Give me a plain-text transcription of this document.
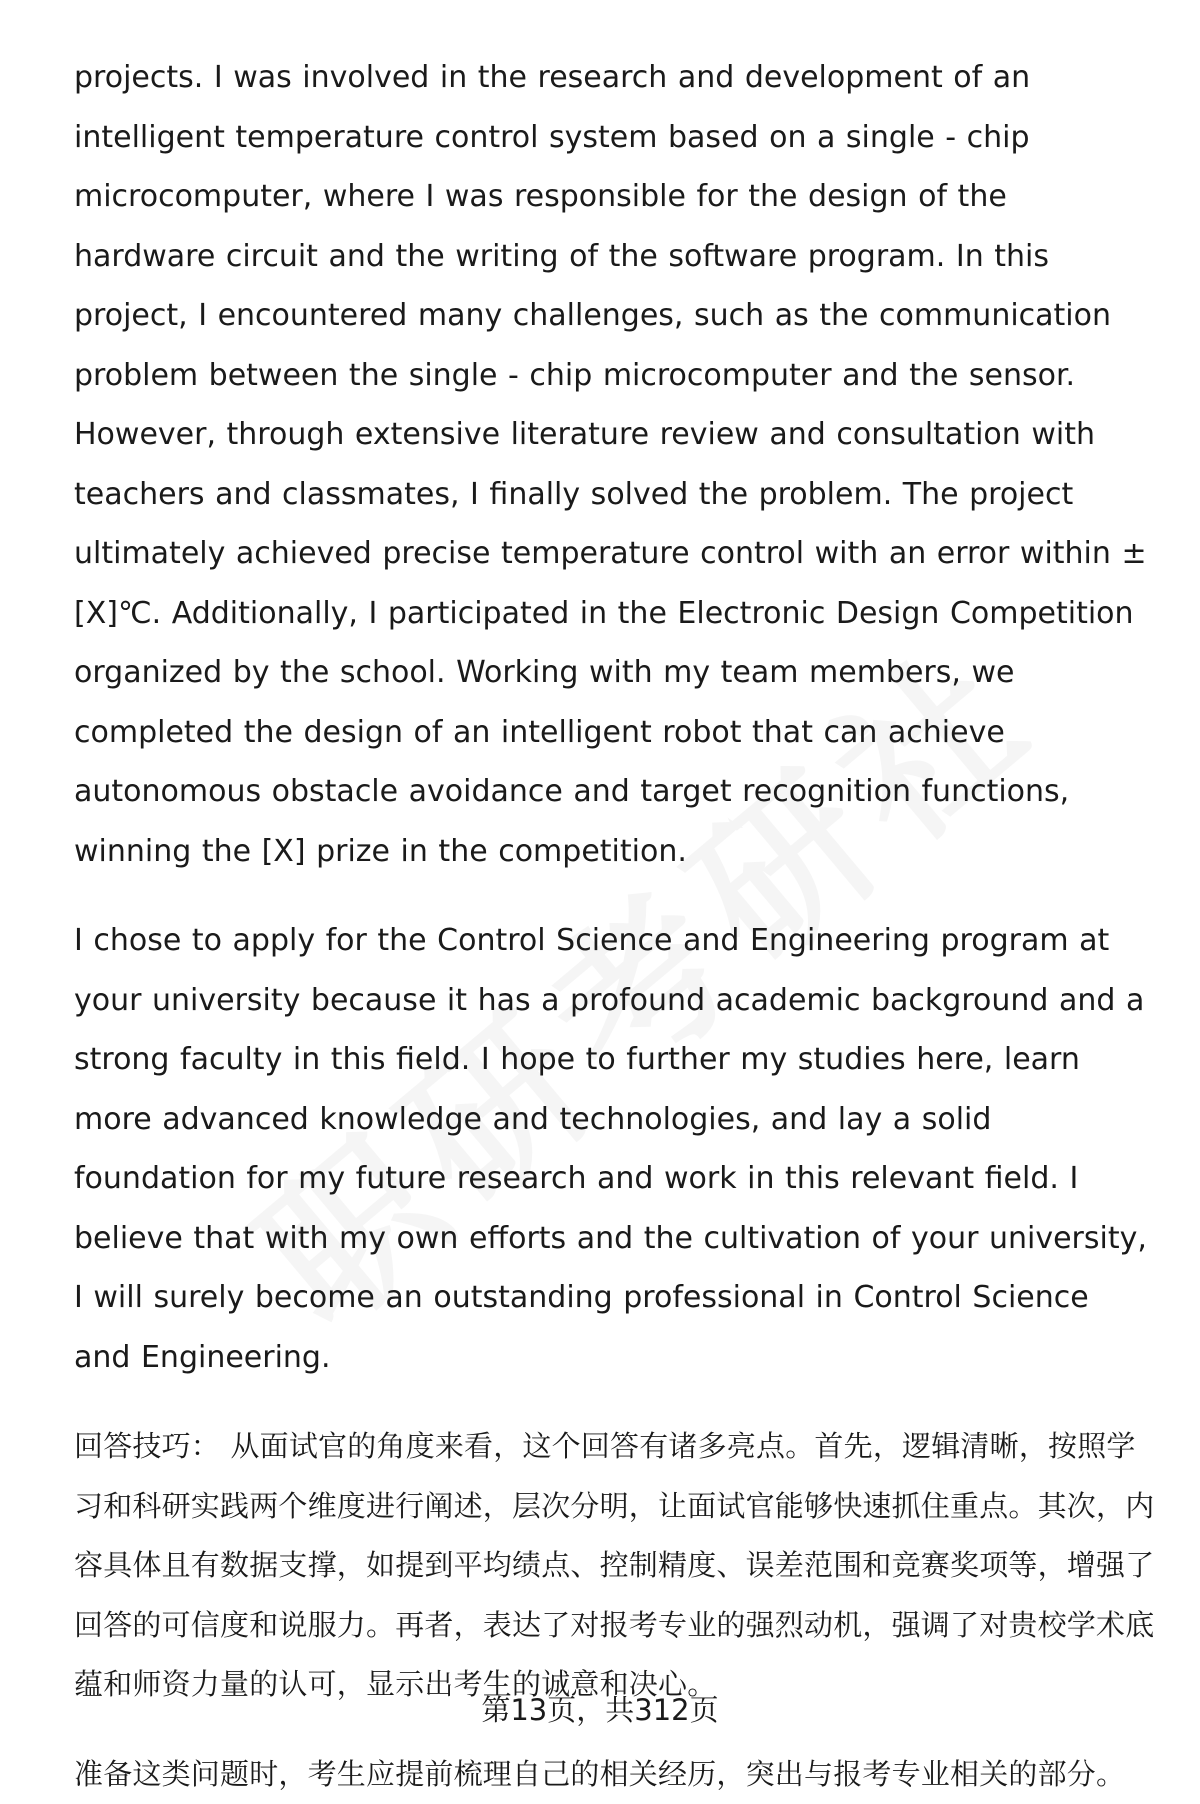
projects. I was involved in the research and development of an intelligent temperature control system based on a single - chip microcomputer, where I was responsible for the design of the hardware circuit and the writing of the software program. In this project, I encountered many challenges, such as the communication problem between the single - chip microcomputer and the sensor. However, through extensive literature review and consultation with teachers and classmates, I finally solved the problem. The project ultimately achieved precise temperature control with an error within ±[X]℃. Additionally, I participated in the Electronic Design Competition organized by the school. Working with my team members, we completed the design of an intelligent robot that can achieve autonomous obstacle avoidance and target recognition functions, winning the [X] prize in the competition.

I chose to apply for the Control Science and Engineering program at your university because it has a profound academic background and a strong faculty in this field. I hope to further my studies here, learn more advanced knowledge and technologies, and lay a solid foundation for my future research and work in this relevant field. I believe that with my own efforts and the cultivation of your university, I will surely become an outstanding professional in Control Science and Engineering.

回答技巧： 从面试官的角度来看，这个回答有诸多亮点。首先，逻辑清晰，按照学习和科研实践两个维度进行阐述，层次分明，让面试官能够快速抓住重点。其次，内容具体且有数据支撑，如提到平均绩点、控制精度、误差范围和竞赛奖项等，增强了回答的可信度和说服力。再者，表达了对报考专业的强烈动机，强调了对贵校学术底蕴和师资力量的认可，显示出考生的诚意和决心。

准备这类问题时，考生应提前梳理自己的相关经历，突出与报考专业相关的部分。

第13页，共312页
